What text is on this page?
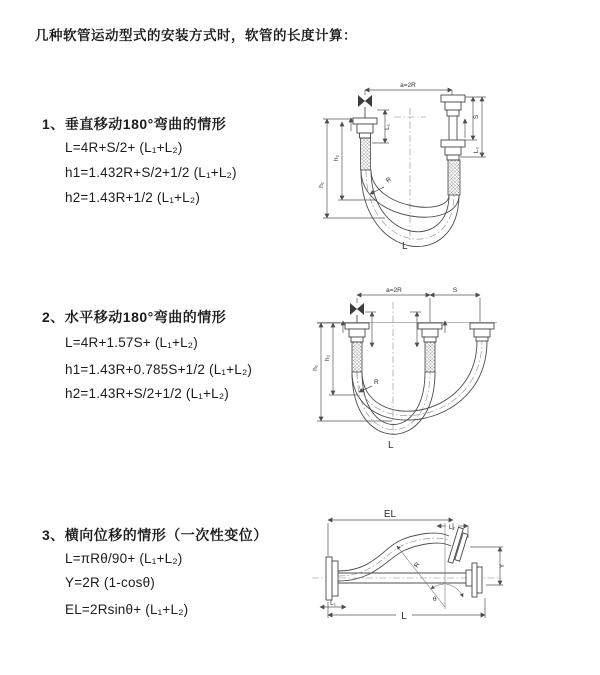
几种软管运动型式的安装方式时，软管的长度计算：
1、垂直移动180°弯曲的情形
L=4R+S/2+ (L₁+L₂)
h1=1.432R+S/2+1/2 (L₁+L₂)
h2=1.43R+1/2 (L₁+L₂)
2、水平移动180°弯曲的情形
L=4R+1.57S+ (L₁+L₂)
h1=1.43R+0.785S+1/2 (L₁+L₂)
h2=1.43R+S/2+1/2 (L₁+L₂)
3、横向位移的情形（一次性变位）
L=πRθ/90+ (L₁+L₂)
Y=2R (1-cosθ)
EL=2Rsinθ+ (L₁+L₂)
a=2R
L₁
S
L₂
h₁
h₂
R
L
a=2R	S
h₁
h₂
R
L
EL
L₂
R
θ
Y
L
L₁
